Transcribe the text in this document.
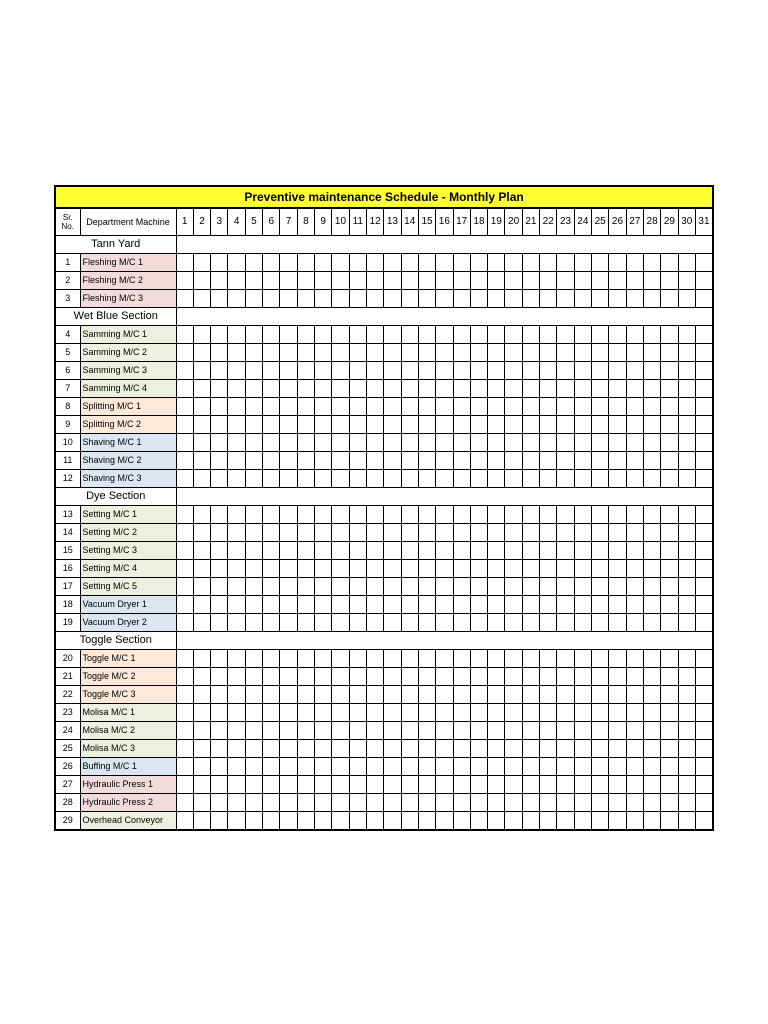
Preventive maintenance Schedule - Monthly Plan																																
Sr.
No.	Department Machine	1	2	3	4	5	6	7	8	9	10	11	12	13	14	15	16	17	18	19	20	21	22	23	24	25	26	27	28	29	30	31
Tann Yard																																
1	Fleshing M/C 1																															
2	Fleshing M/C 2																															
3	Fleshing M/C 3																															
Wet Blue Section																																
4	Samming M/C 1																															
5	Samming M/C 2																															
6	Samming M/C 3																															
7	Samming M/C 4																															
8	Splitting M/C 1																															
9	Splitting M/C 2																															
10	Shaving M/C 1																															
11	Shaving M/C 2																															
12	Shaving M/C 3																															
Dye Section																																
13	Setting M/C 1																															
14	Setting M/C 2																															
15	Setting M/C 3																															
16	Setting M/C 4																															
17	Setting M/C 5																															
18	Vacuum Dryer 1																															
19	Vacuum Dryer 2																															
Toggle Section																																
20	Toggle M/C 1																															
21	Toggle M/C 2																															
22	Toggle M/C 3																															
23	Molisa M/C 1																															
24	Molisa M/C 2																															
25	Molisa M/C 3																															
26	Buffing M/C 1																															
27	Hydraulic Press 1																															
28	Hydraulic Press 2																															
29	Overhead Conveyor																															
